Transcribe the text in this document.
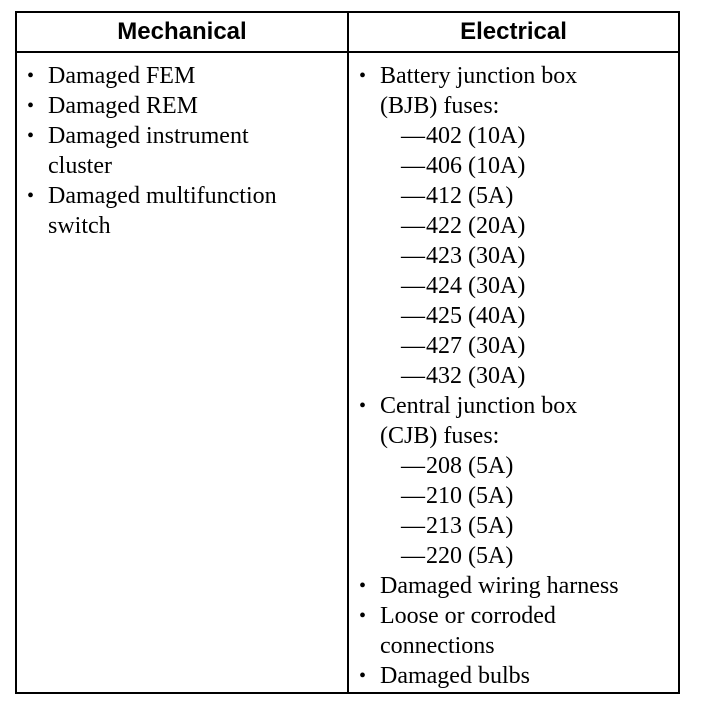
Mechanical	Electrical
• Damaged FEM
• Damaged REM
• Damaged instrument cluster
• Damaged multifunction switch
• Battery junction box (BJB) fuses:
— 402 (10A)
— 406 (10A)
— 412 (5A)
— 422 (20A)
— 423 (30A)
— 424 (30A)
— 425 (40A)
— 427 (30A)
— 432 (30A)
• Central junction box (CJB) fuses:
— 208 (5A)
— 210 (5A)
— 213 (5A)
— 220 (5A)
• Damaged wiring harness
• Loose or corroded connections
• Damaged bulbs
